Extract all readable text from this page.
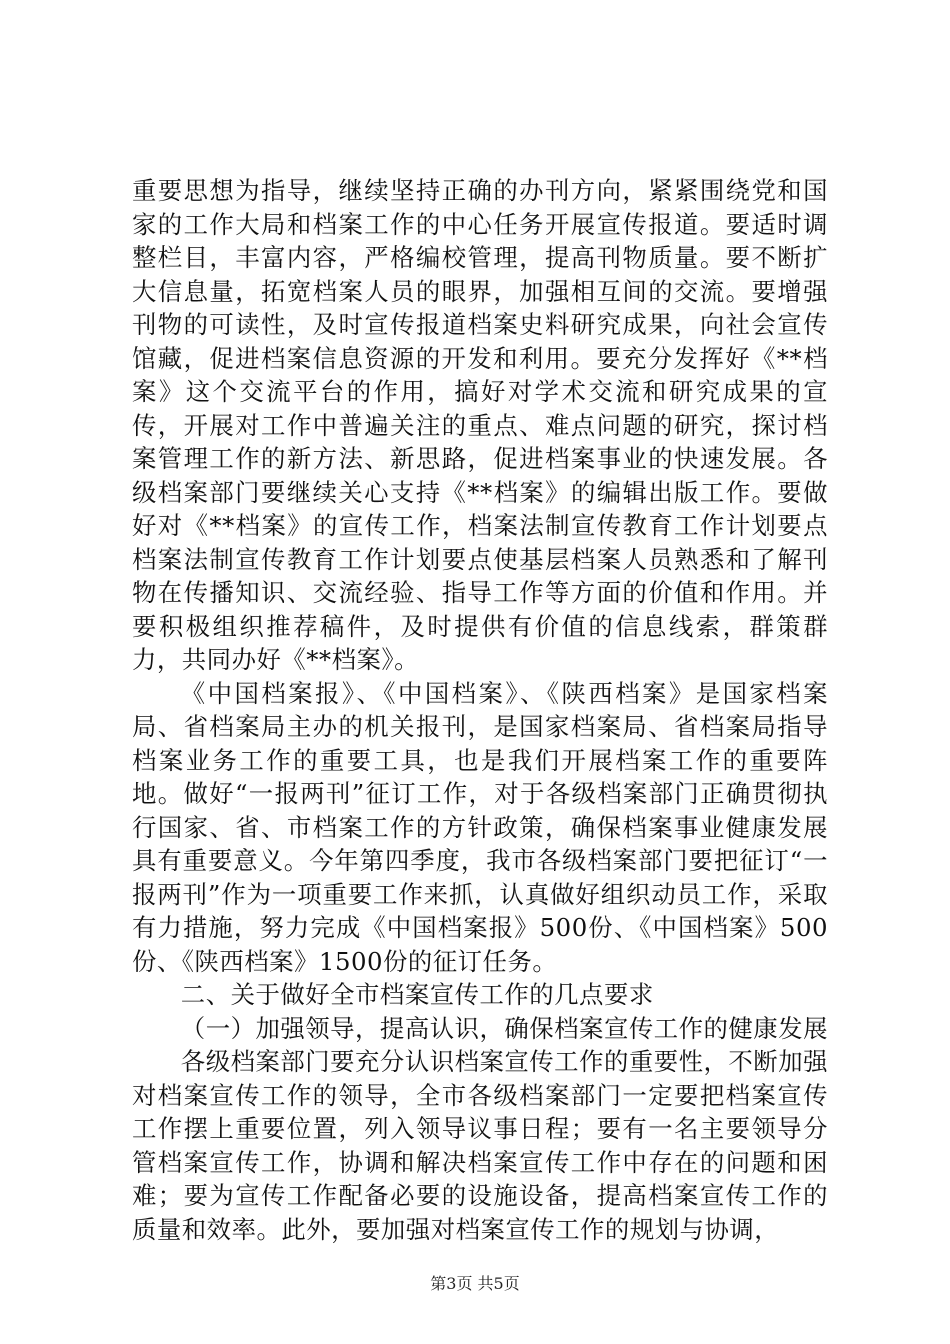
重要思想为指导，继续坚持正确的办刊方向，紧紧围绕党和国家的工作大局和档案工作的中心任务开展宣传报道。要适时调整栏目，丰富内容，严格编校管理，提高刊物质量。要不断扩大信息量，拓宽档案人员的眼界，加强相互间的交流。要增强刊物的可读性，及时宣传报道档案史料研究成果，向社会宣传馆藏，促进档案信息资源的开发和利用。要充分发挥好《**档案》这个交流平台的作用，搞好对学术交流和研究成果的宣传，开展对工作中普遍关注的重点、难点问题的研究，探讨档案管理工作的新方法、新思路，促进档案事业的快速发展。各级档案部门要继续关心支持《**档案》的编辑出版工作。要做好对《**档案》的宣传工作，档案法制宣传教育工作计划要点档案法制宣传教育工作计划要点使基层档案人员熟悉和了解刊物在传播知识、交流经验、指导工作等方面的价值和作用。并要积极组织推荐稿件，及时提供有价值的信息线索，群策群力，共同办好《**档案》。

《中国档案报》、《中国档案》、《陕西档案》是国家档案局、省档案局主办的机关报刊，是国家档案局、省档案局指导档案业务工作的重要工具，也是我们开展档案工作的重要阵地。做好“一报两刊”征订工作，对于各级档案部门正确贯彻执行国家、省、市档案工作的方针政策，确保档案事业健康发展具有重要意义。今年第四季度，我市各级档案部门要把征订“一报两刊”作为一项重要工作来抓，认真做好组织动员工作，采取有力措施，努力完成《中国档案报》500份、《中国档案》500份、《陕西档案》1500份的征订任务。

二、关于做好全市档案宣传工作的几点要求

（一）加强领导，提高认识，确保档案宣传工作的健康发展

各级档案部门要充分认识档案宣传工作的重要性，不断加强对档案宣传工作的领导，全市各级档案部门一定要把档案宣传工作摆上重要位置，列入领导议事日程；要有一名主要领导分管档案宣传工作，协调和解决档案宣传工作中存在的问题和困难；要为宣传工作配备必要的设施设备，提高档案宣传工作的质量和效率。此外，要加强对档案宣传工作的规划与协调，

第3页 共5页
